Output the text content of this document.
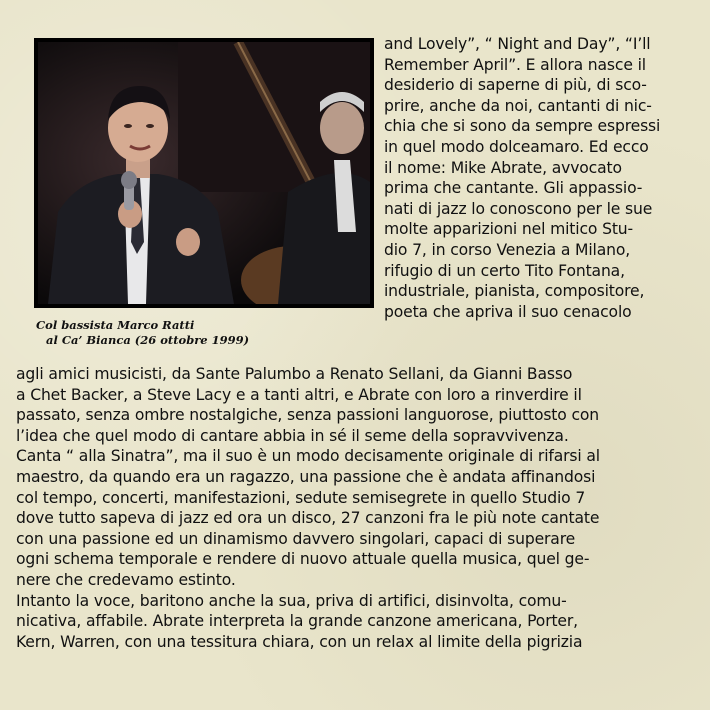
Col bassista Marco Ratti
al Ca’ Bianca (26 ottobre 1999)
and Lovely”, “ Night and Day”, “I’ll
Remember April”. E allora nasce il
desiderio di saperne di più, di sco-
prire, anche da noi, cantanti di nic-
chia che si sono da sempre espressi
in quel modo dolceamaro. Ed ecco
il nome: Mike Abrate, avvocato
prima che cantante. Gli appassio-
nati di jazz lo conoscono per le sue
molte apparizioni nel mitico Stu-
dio 7, in corso Venezia a Milano,
rifugio di un certo Tito Fontana,
industriale, pianista, compositore,
poeta che apriva il suo cenacolo
agli amici musicisti, da Sante Palumbo a Renato Sellani, da Gianni Basso
a Chet Backer, a Steve Lacy e a tanti altri, e Abrate con loro a rinverdire il
passato, senza ombre nostalgiche, senza passioni languorose, piuttosto con
l’idea che quel modo di cantare abbia in sé il seme della sopravvivenza.
Canta “ alla Sinatra”, ma il suo è un modo decisamente originale di rifarsi al
maestro, da quando era un ragazzo, una passione che è andata affinandosi
col tempo, concerti, manifestazioni, sedute semisegrete in quello Studio 7
dove tutto sapeva di jazz ed ora un disco, 27 canzoni fra le più note cantate
con una passione ed un dinamismo davvero singolari, capaci di superare
ogni schema temporale e rendere di nuovo attuale quella musica, quel ge-
nere che credevamo estinto.
Intanto la voce, baritono anche la sua, priva di artifici, disinvolta, comu-
nicativa, affabile. Abrate interpreta la grande canzone americana, Porter,
Kern, Warren, con una tessitura chiara, con un relax al limite della pigrizia
